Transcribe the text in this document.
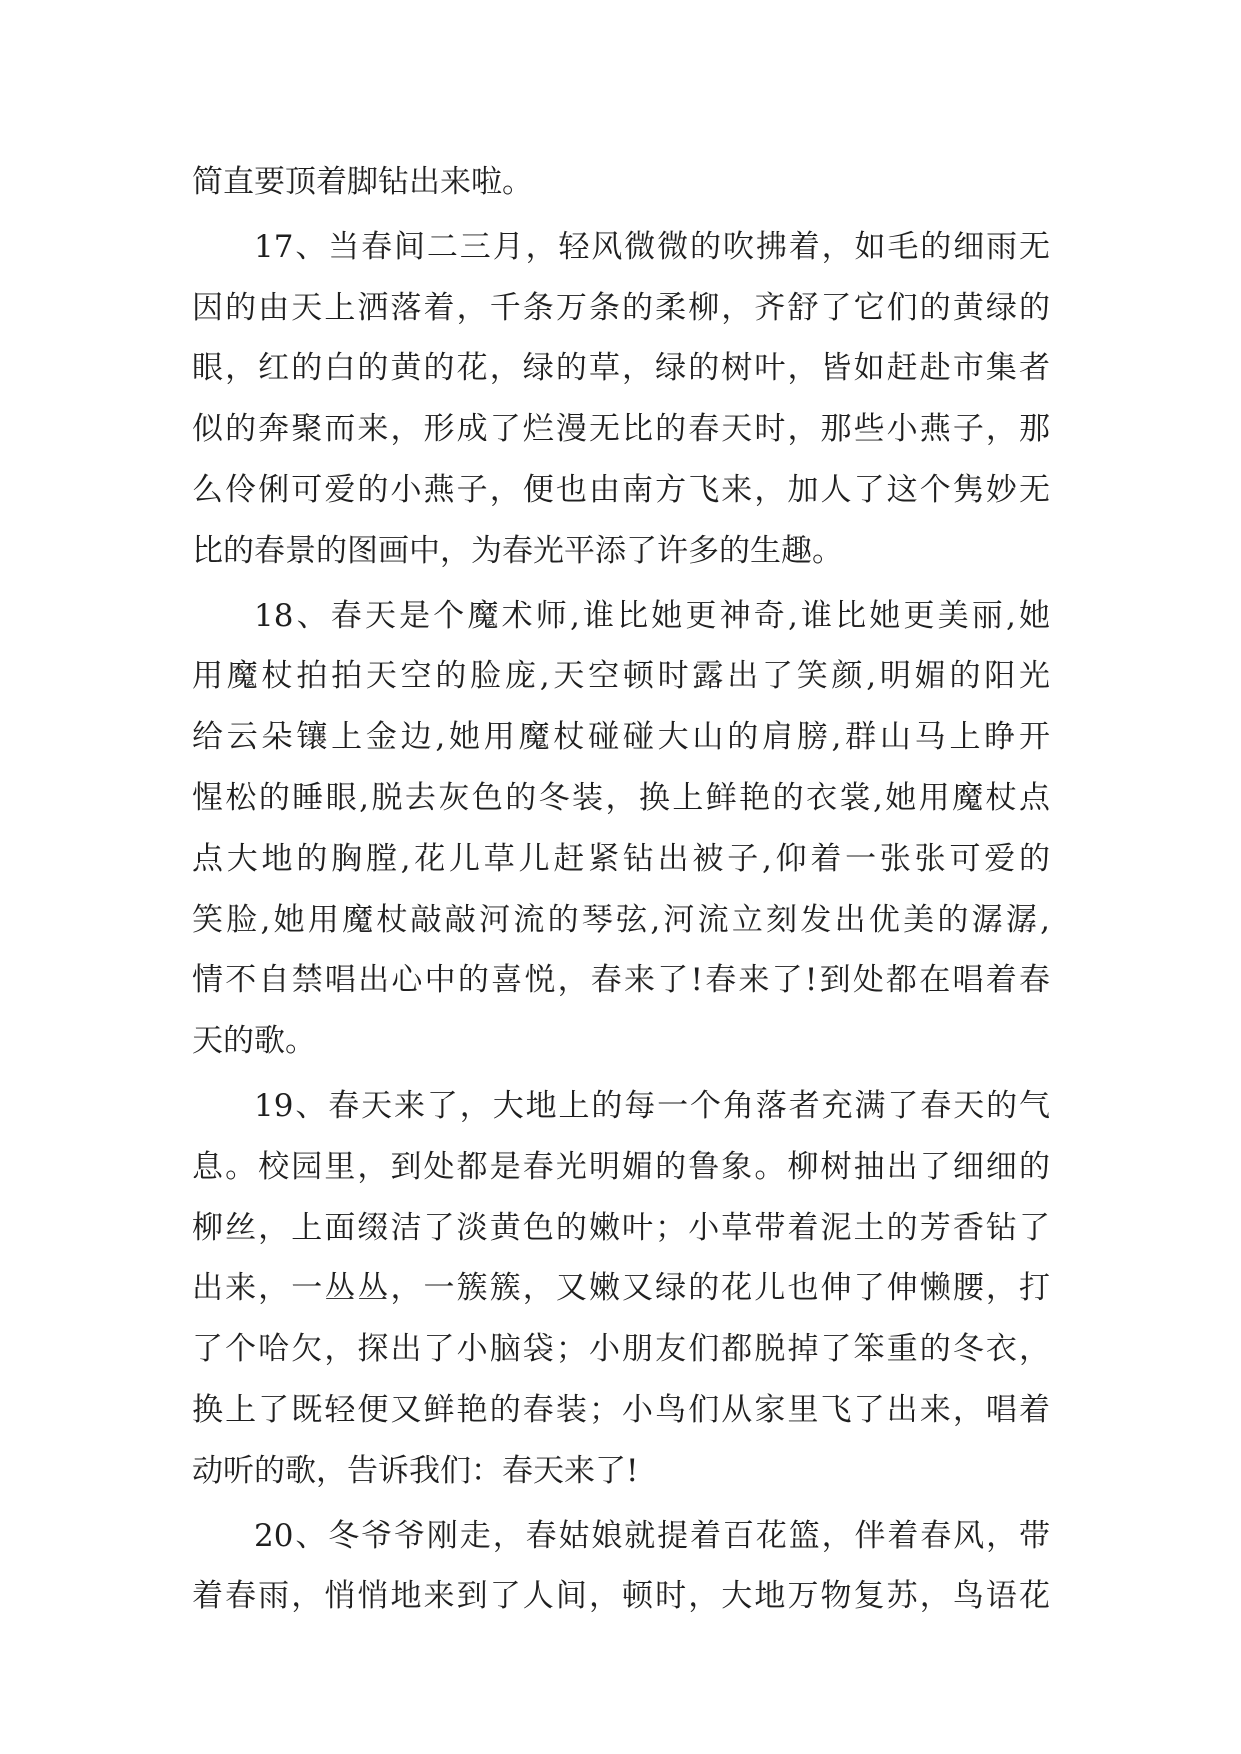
简直要顶着脚钻出来啦。
17、当春间二三月，轻风微微的吹拂着，如毛的细雨无
因的由天上洒落着，千条万条的柔柳，齐舒了它们的黄绿的
眼，红的白的黄的花，绿的草，绿的树叶，皆如赶赴市集者
似的奔聚而来，形成了烂漫无比的春天时，那些小燕子，那
么伶俐可爱的小燕子，便也由南方飞来，加人了这个隽妙无
比的春景的图画中，为春光平添了许多的生趣。
18、春天是个魔术师,谁比她更神奇,谁比她更美丽,她
用魔杖拍拍天空的脸庞,天空顿时露出了笑颜,明媚的阳光
给云朵镶上金边,她用魔杖碰碰大山的肩膀,群山马上睁开
惺松的睡眼,脱去灰色的冬装，换上鲜艳的衣裳,她用魔杖点
点大地的胸膛,花儿草儿赶紧钻出被子,仰着一张张可爱的
笑脸,她用魔杖敲敲河流的琴弦,河流立刻发出优美的潺潺,
情不自禁唱出心中的喜悦，春来了!春来了!到处都在唱着春
天的歌。
19、春天来了，大地上的每一个角落者充满了春天的气
息。校园里，到处都是春光明媚的鲁象。柳树抽出了细细的
柳丝，上面缀洁了淡黄色的嫩叶；小草带着泥土的芳香钻了
出来，一丛丛，一簇簇，又嫩又绿的花儿也伸了伸懒腰，打
了个哈欠，探出了小脑袋；小朋友们都脱掉了笨重的冬衣，
换上了既轻便又鲜艳的春装；小鸟们从家里飞了出来，唱着
动听的歌，告诉我们：春天来了!
20、冬爷爷刚走，春姑娘就提着百花篮，伴着春风，带
着春雨，悄悄地来到了人间，顿时，大地万物复苏，鸟语花
